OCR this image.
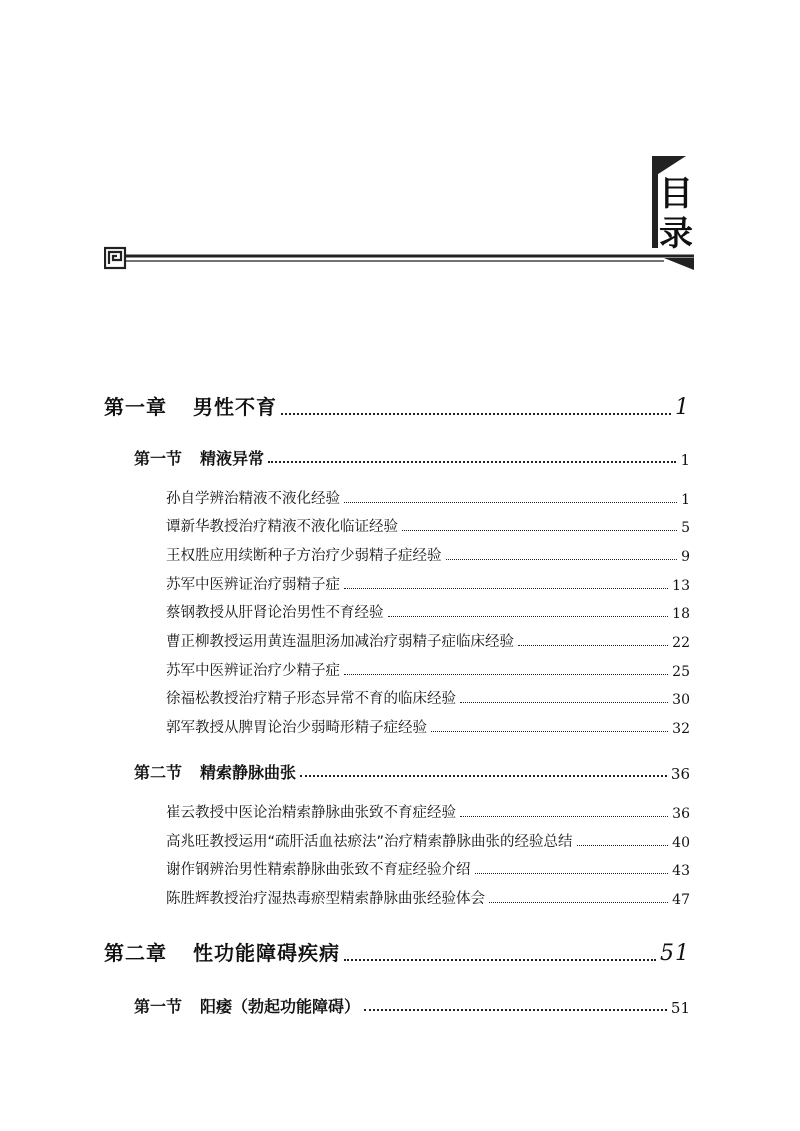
目
录
第一章 男性不育	1
第一节 精液异常	1
孙自学辨治精液不液化经验	1
谭新华教授治疗精液不液化临证经验	5
王权胜应用续断种子方治疗少弱精子症经验	9
苏军中医辨证治疗弱精子症	13
蔡钢教授从肝肾论治男性不育经验	18
曹正柳教授运用黄连温胆汤加减治疗弱精子症临床经验	22
苏军中医辨证治疗少精子症	25
徐福松教授治疗精子形态异常不育的临床经验	30
郭军教授从脾胃论治少弱畸形精子症经验	32
第二节 精索静脉曲张	36
崔云教授中医论治精索静脉曲张致不育症经验	36
高兆旺教授运用“疏肝活血祛瘀法”治疗精索静脉曲张的经验总结	40
谢作钢辨治男性精索静脉曲张致不育症经验介绍	43
陈胜辉教授治疗湿热毒瘀型精索静脉曲张经验体会	47
第二章 性功能障碍疾病	51
第一节 阳痿（勃起功能障碍）	51
